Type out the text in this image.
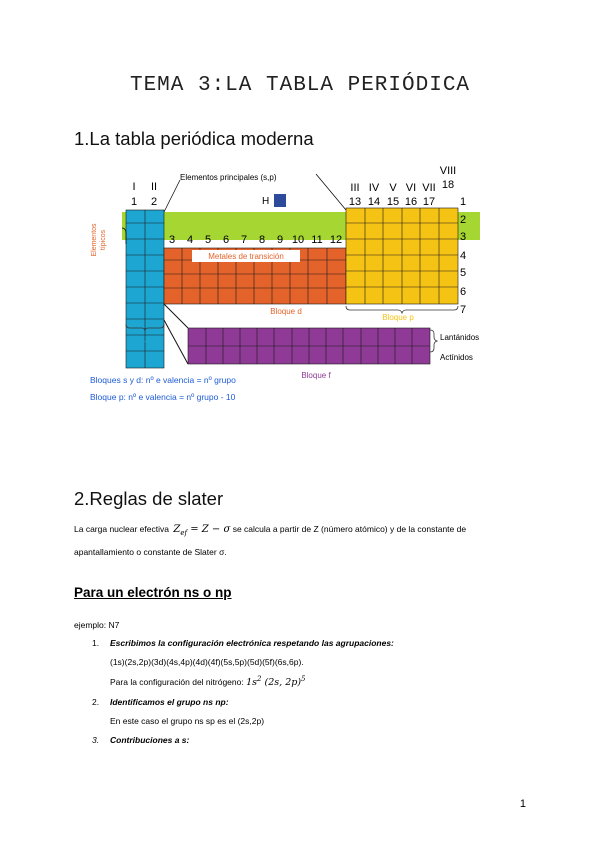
TEMA 3:LA TABLA PERIÓDICA
1.La tabla periódica moderna
I II
1 2
III IV V VI VII
VIII
13 14 15 16 17
18
3 4 5 6 7 8 9 10 11 12
1
2
3
4
5
6
7
Elementos principales (s,p)
H
Elementos típicos
Metales de transición
Bloque d
Bloque p
Bloque s
Bloque f
Lantánidos
Actínidos
Bloques s y d: nº e valencia = nº grupo
Bloque p: nº e valencia = nº grupo - 10
2.Reglas de slater
La carga nuclear efectiva $Z_{ef} = Z - \sigma$ se calcula a partir de Z (número atómico) y de la constante de
apantallamiento o constante de Slater σ.
Para un electrón ns o np
ejemplo: N7
1. Escribimos la configuración electrónica respetando las agrupaciones:
(1s)(2s,2p)(3d)(4s,4p)(4d)(4f)(5s,5p)(5d)(5f)(6s,6p).
Para la configuración del nitrógeno: $1s^2$ (2s, 2p)$^5$
2. Identificamos el grupo ns np:
En este caso el grupo ns sp es el (2s,2p)
3. Contribuciones a s:
1
